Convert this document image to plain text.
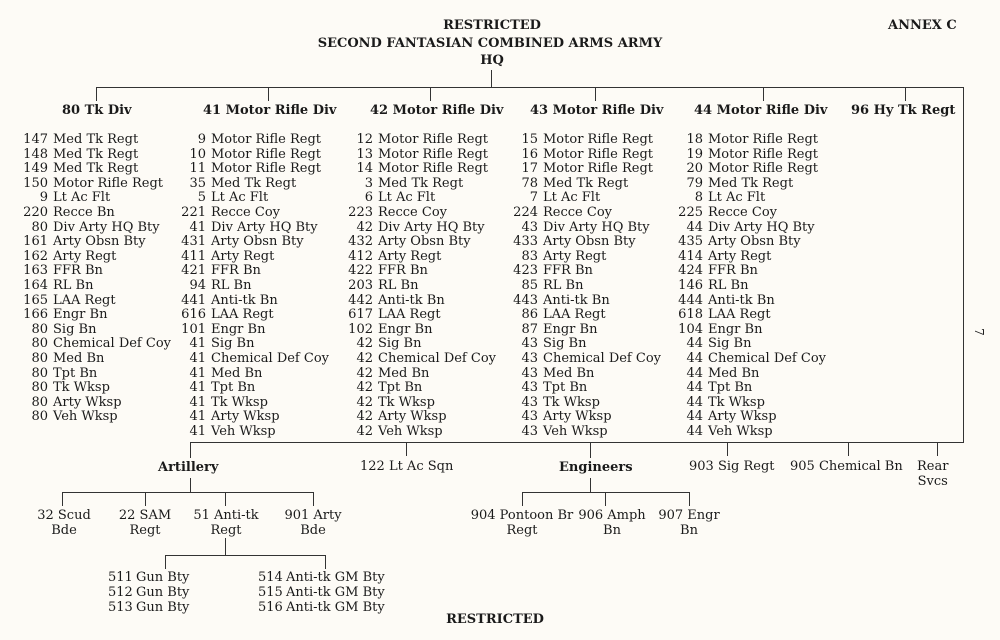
RESTRICTED	ANNEX C
SECOND FANTASIAN COMBINED ARMS ARMY
HQ
80 Tk Div	41 Motor Rifle Div	42 Motor Rifle Div 43 Motor Rifle Div 44 Motor Rifle Div 96 Hy Tk Regt
147 Med Tk Regt
148 Med Tk Regt
149 Med Tk Regt
150 Motor Rifle Regt
9 Lt Ac Flt
220 Recce Bn
80 Div Arty HQ Bty
161 Arty Obsn Bty
162 Arty Regt
163 FFR Bn
164 RL Bn
165 LAA Regt
166 Engr Bn
80 Sig Bn
80 Chemical Def Coy
80 Med Bn
80 Tpt Bn
80 Tk Wksp
80 Arty Wksp
80 Veh Wksp
9 Motor Rifle Regt
10 Motor Rifle Regt
11 Motor Rifle Regt
35 Med Tk Regt
5 Lt Ac Flt
221 Recce Coy
41 Div Arty HQ Bty
431 Arty Obsn Bty
411 Arty Regt
421 FFR Bn
94 RL Bn
441 Anti-tk Bn
616 LAA Regt
101 Engr Bn
41 Sig Bn
41 Chemical Def Coy
41 Med Bn
41 Tpt Bn
41 Tk Wksp
41 Arty Wksp
41 Veh Wksp
12 Motor Rifle Regt
13 Motor Rifle Regt
14 Motor Rifle Regt
3 Med Tk Regt
6 Lt Ac Flt
223 Recce Coy
42 Div Arty HQ Bty
432 Arty Obsn Bty
412 Arty Regt
422 FFR Bn
203 RL Bn
442 Anti-tk Bn
617 LAA Regt
102 Engr Bn
42 Sig Bn
42 Chemical Def Coy
42 Med Bn
42 Tpt Bn
42 Tk Wksp
42 Arty Wksp
42 Veh Wksp
15 Motor Rifle Regt
16 Motor Rifle Regt
17 Motor Rifle Regt
78 Med Tk Regt
7 Lt Ac Flt
224 Recce Coy
43 Div Arty HQ Bty
433 Arty Obsn Bty
83 Arty Regt
423 FFR Bn
85 RL Bn
443 Anti-tk Bn
86 LAA Regt
87 Engr Bn
43 Sig Bn
43 Chemical Def Coy
43 Med Bn
43 Tpt Bn
43 Tk Wksp
43 Arty Wksp
43 Veh Wksp
18 Motor Rifle Regt
19 Motor Rifle Regt
20 Motor Rifle Regt
79 Med Tk Regt
8 Lt Ac Flt
225 Recce Coy
44 Div Arty HQ Bty
435 Arty Obsn Bty
414 Arty Regt
424 FFR Bn
146 RL Bn
444 Anti-tk Bn
618 LAA Regt
104 Engr Bn
44 Sig Bn
44 Chemical Def Coy
44 Med Bn
44 Tpt Bn
44 Tk Wksp
44 Arty Wksp
44 Veh Wksp
7
Artillery	122 Lt Ac Sqn	Engineers	903 Sig Regt 905 Chemical Bn Rear
Svcs
32 Scud
Bde
22 SAM
Regt
51 Anti-tk
Regt
901 Arty
Bde
511 Gun Bty
512 Gun Bty
513 Gun Bty
514 Anti-tk GM Bty
515 Anti-tk GM Bty
516 Anti-tk GM Bty
904 Pontoon Br
Regt
906 Amph
Bn
907 Engr
Bn
RESTRICTED
